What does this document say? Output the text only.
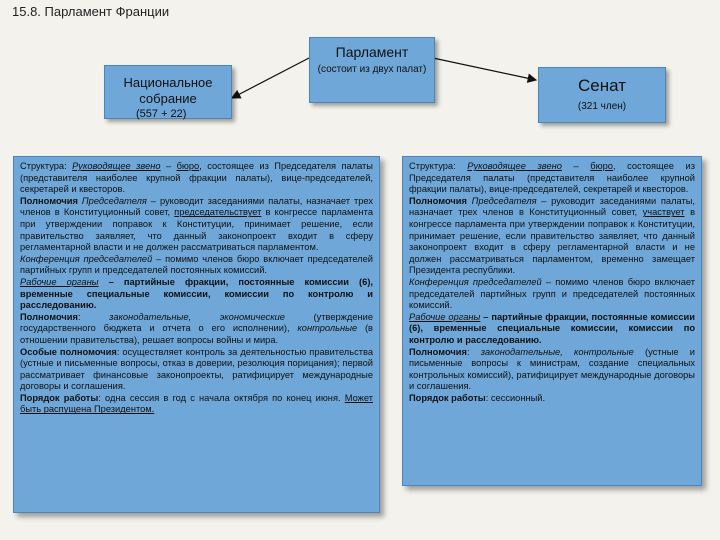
15.8. Парламент Франции
Парламент
(состоит из двух палат)
Национальное собрание
(557 + 22)
Сенат
(321 член)
Структура: Руководящее звено – бюро, состоящее из Председателя палаты (представителя наиболее крупной фракции палаты), вице-председателей, секретарей и квесторов.
Полномочия Председателя – руководит заседаниями палаты, назначает трех членов в Конституционный совет, председательствует в конгрессе парламента при утверждении поправок к Конституции, принимает решение, если правительство заявляет, что данный законопроект входит в сферу регламентарной власти и не должен рассматриваться парламентом.
Конференция председателей – помимо членов бюро включает председателей партийных групп и председателей постоянных комиссий.
Рабочие органы – партийные фракции, постоянные комиссии (6), временные специальные комиссии, комиссии по контролю и расследованию.
Полномочия: законодательные, экономические (утверждение государственного бюджета и отчета о его исполнении), контрольные (в отношении правительства), решает вопросы войны и мира.
Особые полномочия: осуществляет контроль за деятельностью правительства (устные и письменные вопросы, отказ в доверии, резолюция порицания); первой рассматривает финансовые законопроекты, ратифицирует международные договоры и соглашения.
Порядок работы: одна сессия в год с начала октября по конец июня. Может быть распущена Президентом.
Структура: Руководящее звено – бюро, состоящее из Председателя палаты (представителя наиболее крупной фракции палаты), вице-председателей, секретарей и квесторов.
Полномочия Председателя – руководит заседаниями палаты, назначает трех членов в Конституционный совет, участвует в конгрессе парламента при утверждении поправок к Конституции, принимает решение, если правительство заявляет, что данный законопроект входит в сферу регламентарной власти и не должен рассматриваться парламентом, временно замещает Президента республики.
Конференция председателей – помимо членов бюро включает председателей партийных групп и председателей постоянных комиссий.
Рабочие органы – партийные фракции, постоянные комиссии (6), временные специальные комиссии, комиссии по контролю и расследованию.
Полномочия: законодательные, контрольные (устные и письменные вопросы к министрам, создание специальных контрольных комиссий), ратифицирует международные договоры и соглашения.
Порядок работы: сессионный.
